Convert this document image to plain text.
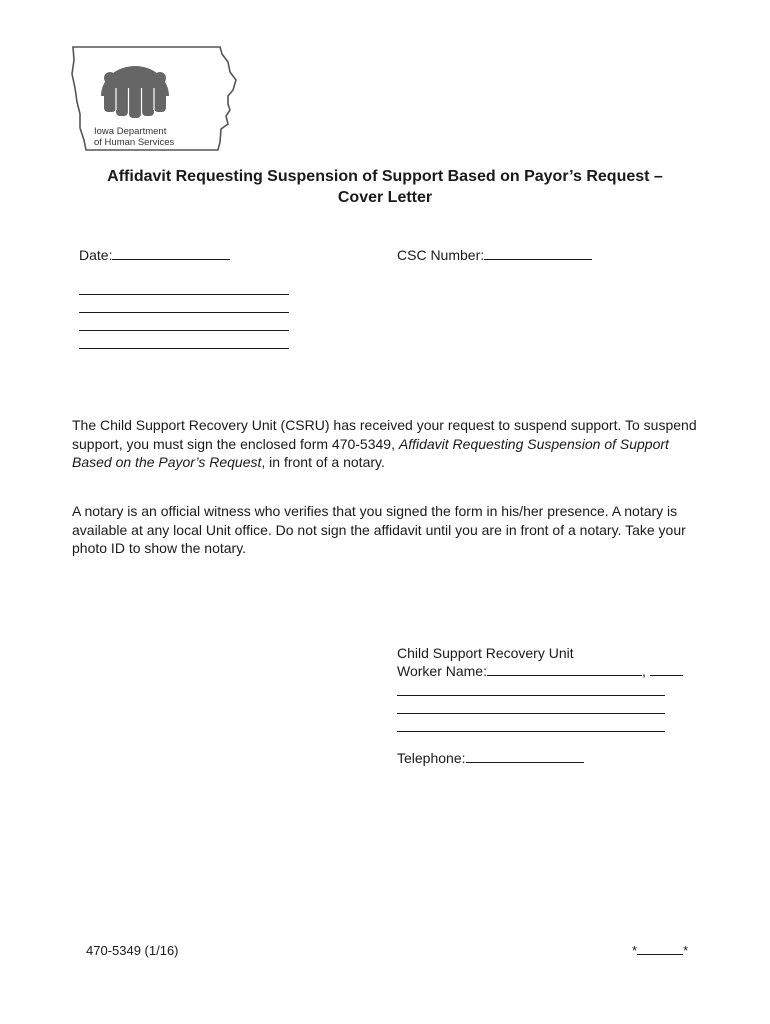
Iowa Department
of Human Services
Affidavit Requesting Suspension of Support Based on Payor’s Request –
Cover Letter
Date:	CSC Number:
The Child Support Recovery Unit (CSRU) has received your request to suspend support. To suspend support, you must sign the enclosed form 470-5349, Affidavit Requesting Suspension of Support Based on the Payor’s Request, in front of a notary.
A notary is an official witness who verifies that you signed the form in his/her presence. A notary is available at any local Unit office. Do not sign the affidavit until you are in front of a notary. Take your photo ID to show the notary.
Child Support Recovery Unit
Worker Name:	,
Telephone:
470-5349 (1/16)	*	*
